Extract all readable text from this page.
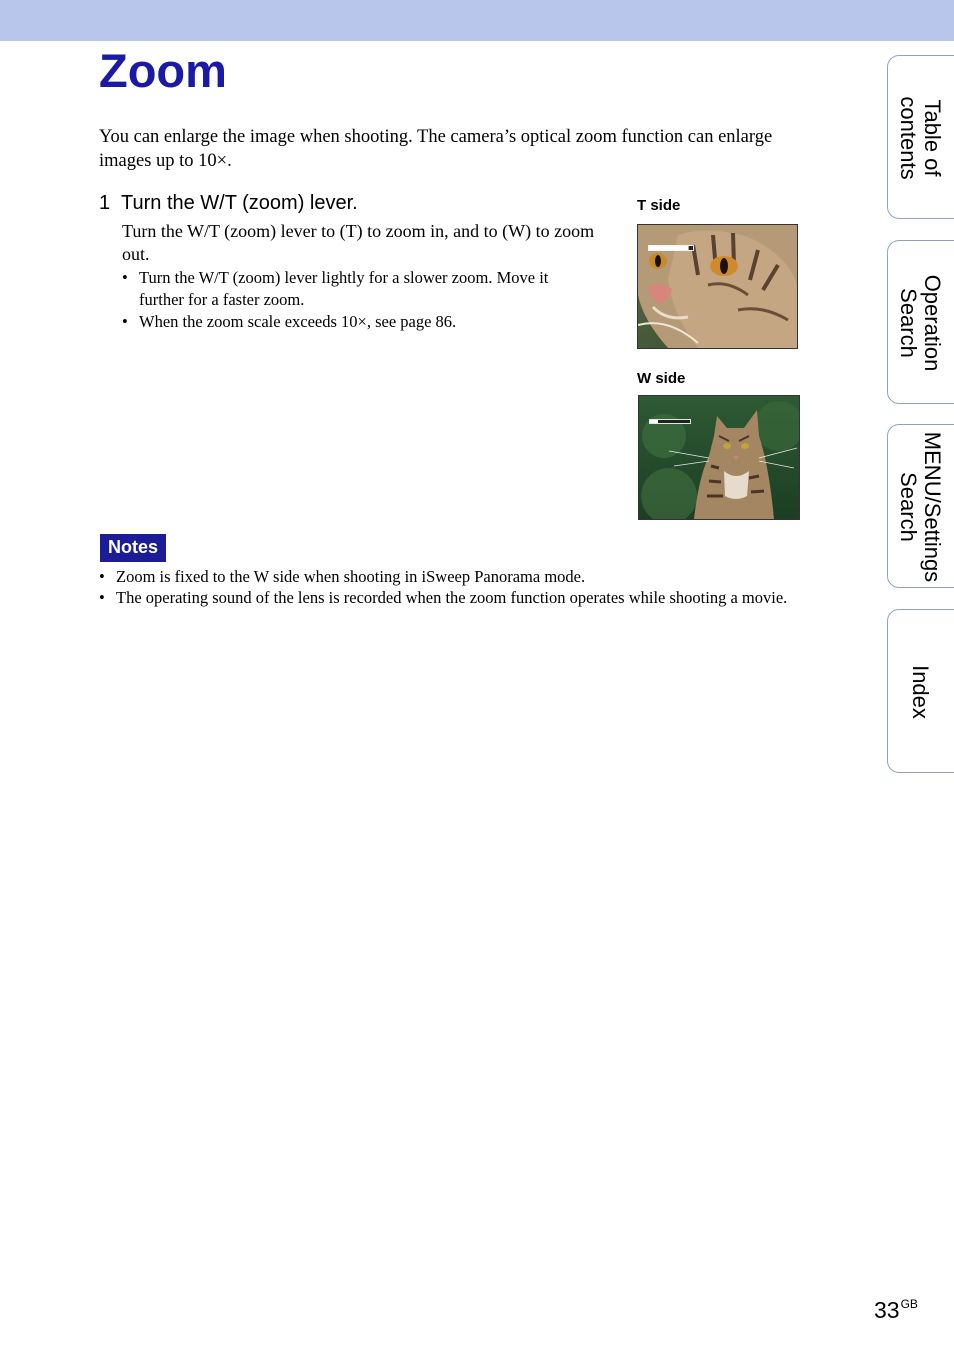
Zoom

You can enlarge the image when shooting. The camera’s optical zoom function can enlarge images up to 10×.

1 Turn the W/T (zoom) lever.

Turn the W/T (zoom) lever to (T) to zoom in, and to (W) to zoom out.

• Turn the W/T (zoom) lever lightly for a slower zoom. Move it further for a faster zoom.
• When the zoom scale exceeds 10×, see page 86.

T side

W side

Notes
• Zoom is fixed to the W side when shooting in iSweep Panorama mode.
• The operating sound of the lens is recorded when the zoom function operates while shooting a movie.
Table of
contents
Operation
Search
MENU/Settings
Search
Index

$33^{GB}$
